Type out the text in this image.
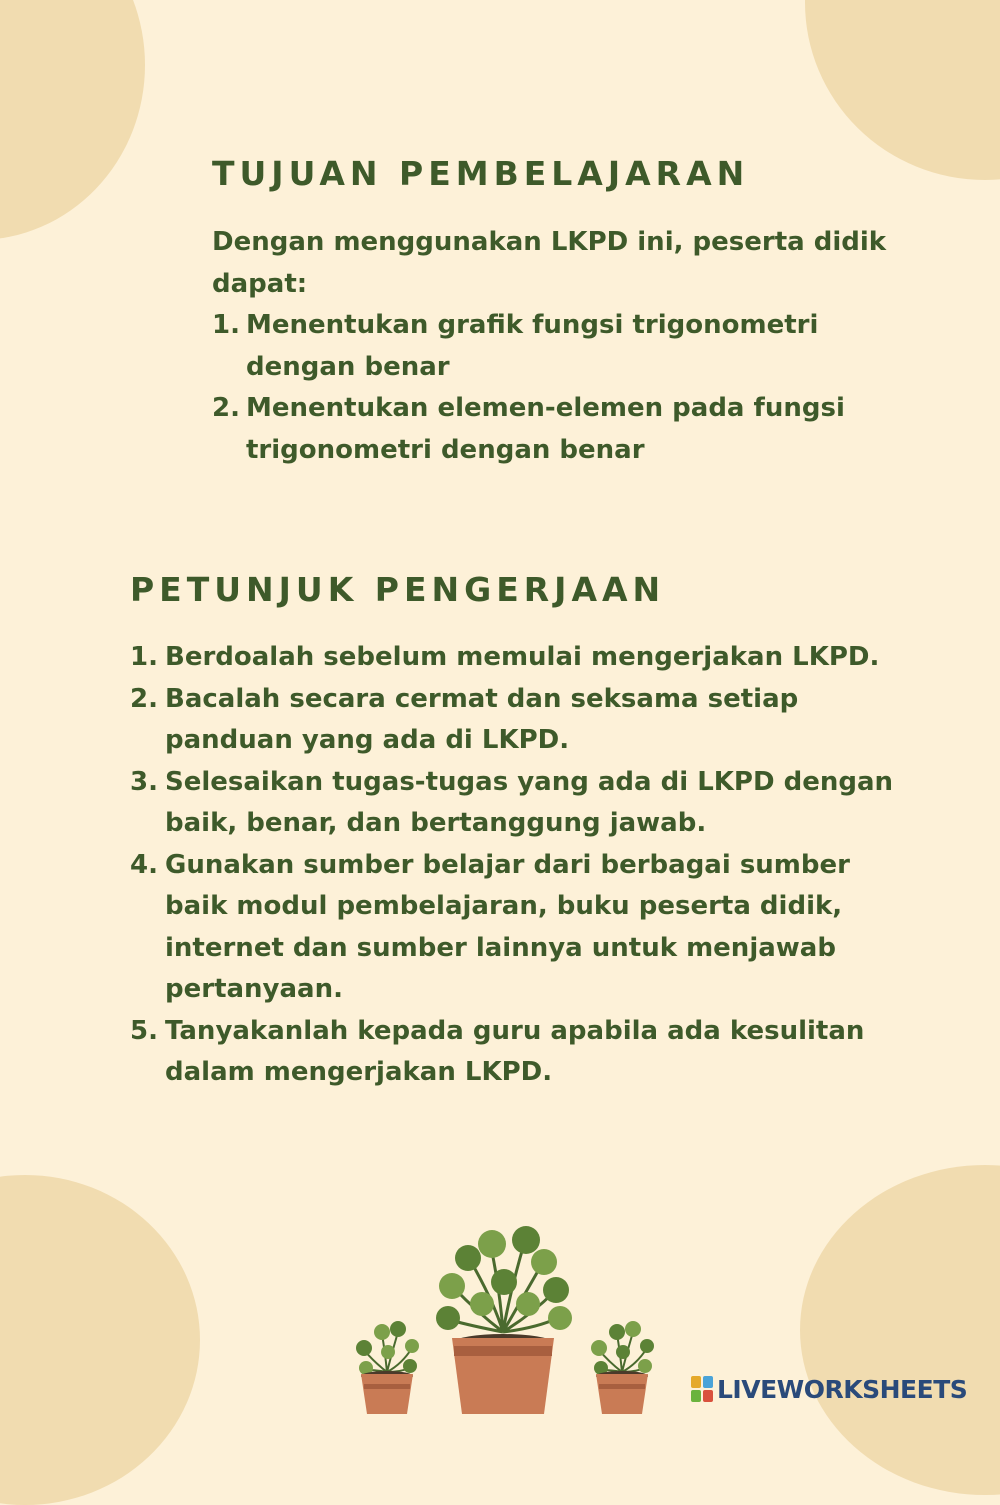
TUJUAN PEMBELAJARAN

Dengan menggunakan LKPD ini, peserta didik dapat:

1. Menentukan grafik fungsi trigonometri dengan benar
2. Menentukan elemen-elemen pada fungsi trigonometri dengan benar
PETUNJUK PENGERJAAN
1. Berdoalah sebelum memulai mengerjakan LKPD.
2. Bacalah secara cermat dan seksama setiap panduan yang ada di LKPD.
3. Selesaikan tugas-tugas yang ada di LKPD dengan baik, benar, dan bertanggung jawab.
4. Gunakan sumber belajar dari berbagai sumber baik modul pembelajaran, buku peserta didik, internet dan sumber lainnya untuk menjawab pertanyaan.
5. Tanyakanlah kepada guru apabila ada kesulitan dalam mengerjakan LKPD.
LIVEWORKSHEETS
